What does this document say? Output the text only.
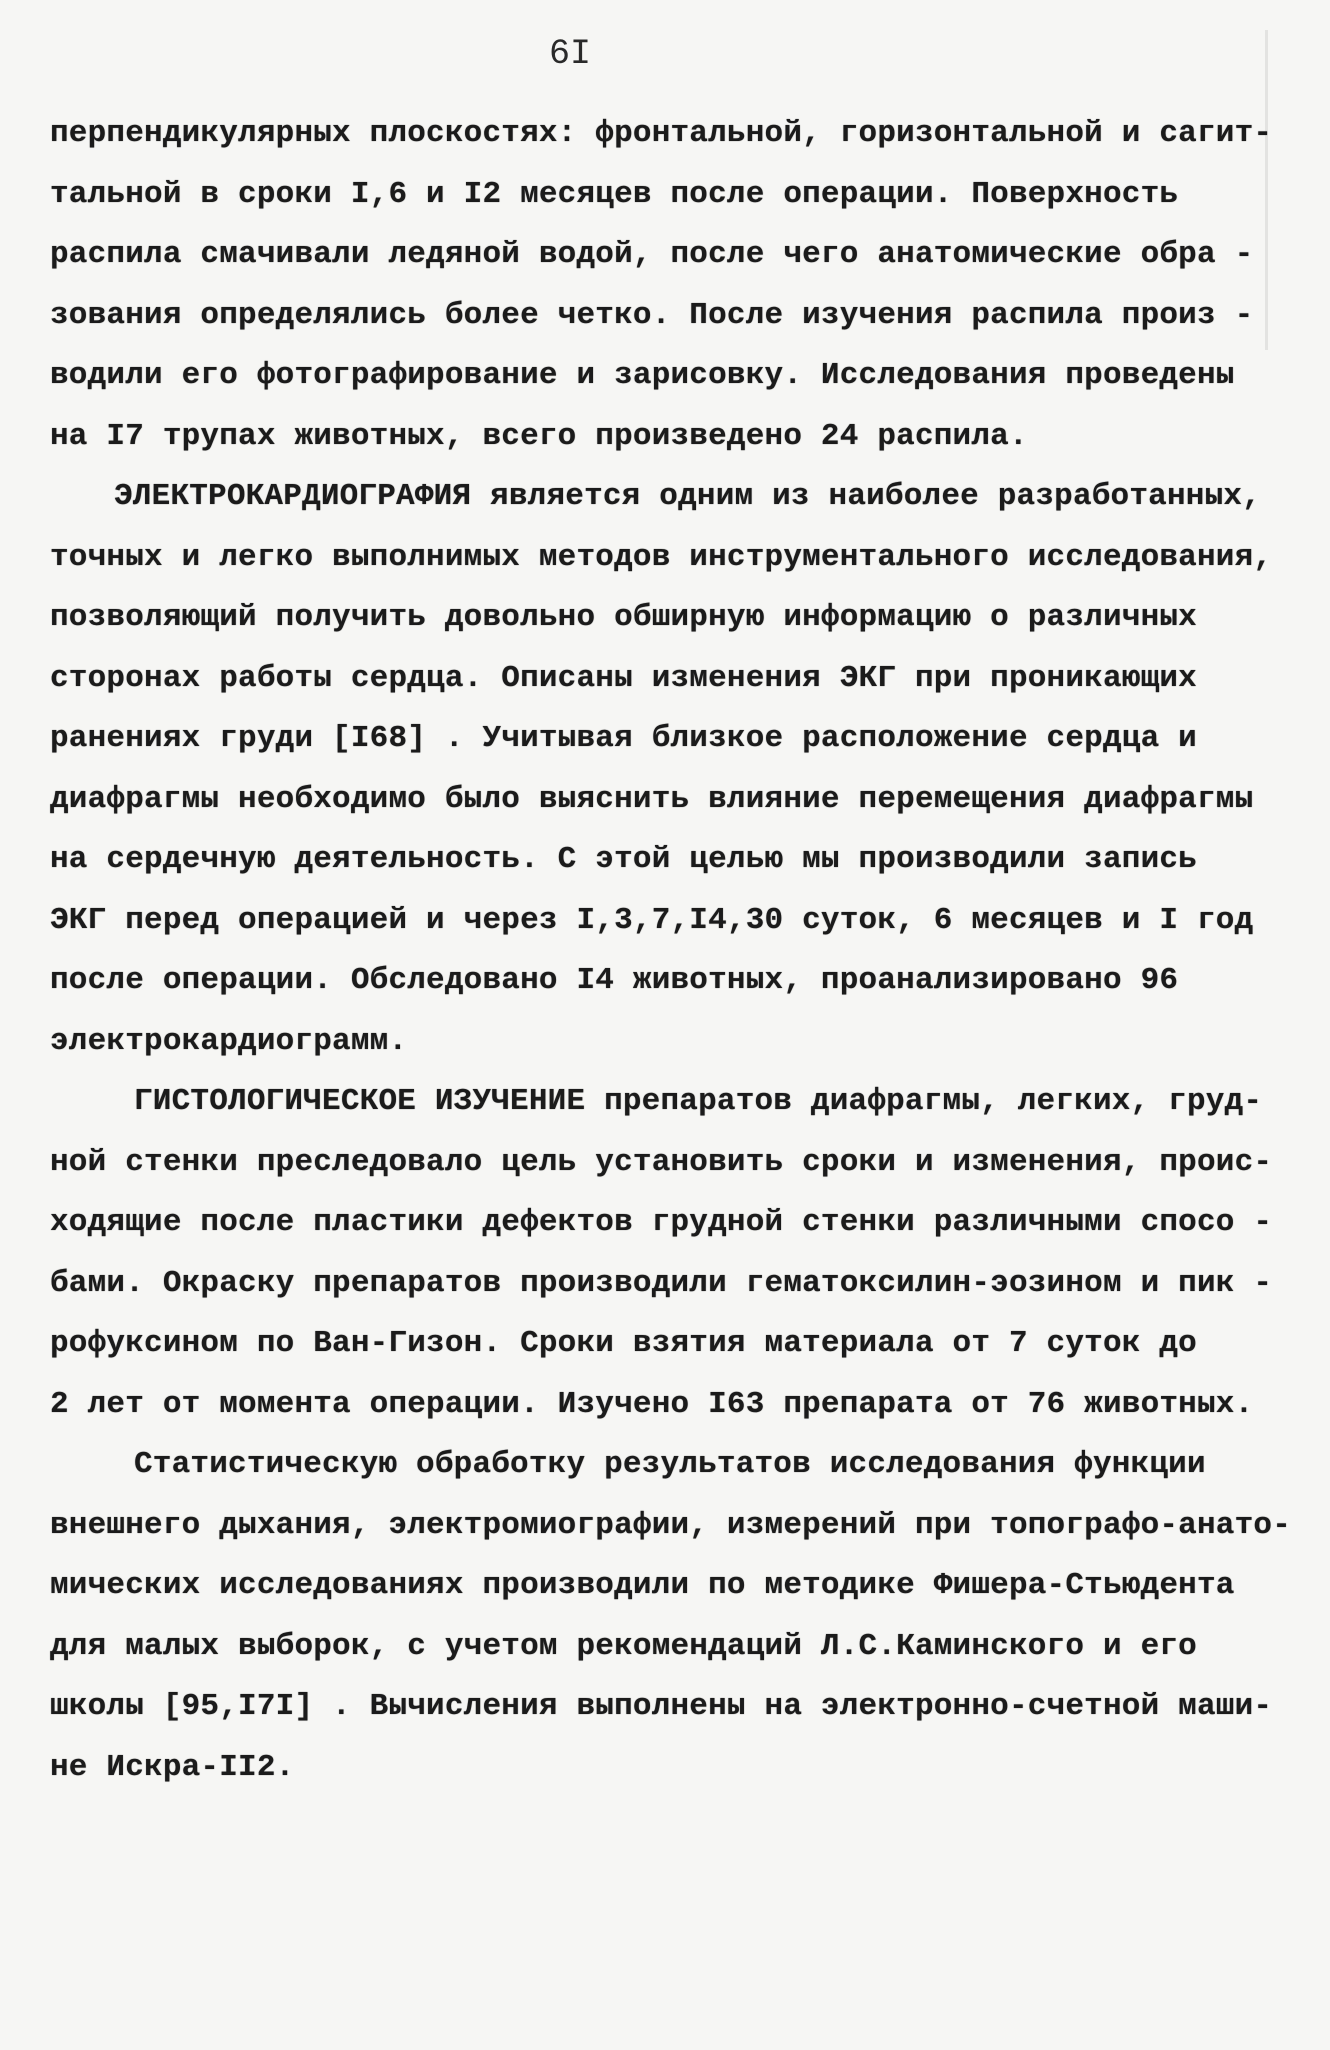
6I
перпендикулярных плоскостях: фронтальной, горизонтальной и сагит-
тальной в сроки I,6 и I2 месяцев после операции. Поверхность
распила смачивали ледяной водой, после чего анатомические обра -
зования определялись более четко. После изучения распила произ -
водили его фотографирование и зарисовку. Исследования проведены
на I7 трупах животных, всего произведено 24 распила.
ЭЛЕКТРОКАРДИОГРАФИЯ является одним из наиболее разработанных,
точных и легко выполнимых методов инструментального исследования,
позволяющий получить довольно обширную информацию о различных
сторонах работы сердца. Описаны изменения ЭКГ при проникающих
ранениях груди [I68] . Учитывая близкое расположение сердца и
диафрагмы необходимо было выяснить влияние перемещения диафрагмы
на сердечную деятельность. С этой целью мы производили запись
ЭКГ перед операцией и через I,3,7,I4,30 суток, 6 месяцев и I год
после операции. Обследовано I4 животных, проанализировано 96
электрокардиограмм.
ГИСТОЛОГИЧЕСКОЕ ИЗУЧЕНИЕ препаратов диафрагмы, легких, груд-
ной стенки преследовало цель установить сроки и изменения, проис-
ходящие после пластики дефектов грудной стенки различными спосо -
бами. Окраску препаратов производили гематоксилин-эозином и пик -
рофуксином по Ван-Гизон. Сроки взятия материала от 7 суток до
2 лет от момента операции. Изучено I63 препарата от 76 животных.
Статистическую обработку результатов исследования функции
внешнего дыхания, электромиографии, измерений при топографо-анато-
мических исследованиях производили по методике Фишера-Стьюдента
для малых выборок, с учетом рекомендаций Л.С.Каминского и его
школы [95,I7I] . Вычисления выполнены на электронно-счетной маши-
не Искра-II2.
